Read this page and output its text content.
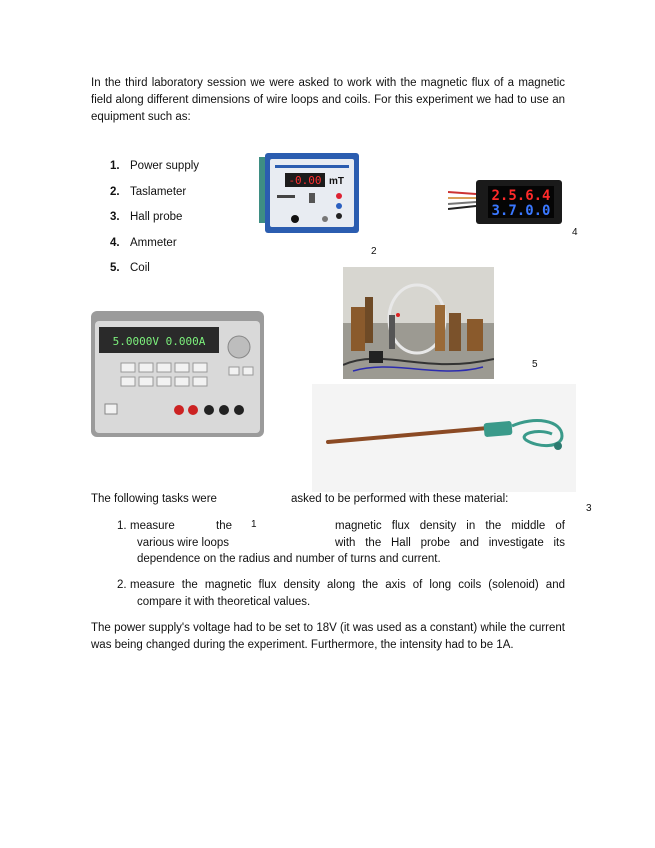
In the third laboratory session we were asked to work with the magnetic flux of a magnetic field along different dimensions of wire loops and coils. For this experiment we had to use an equipment such as:
1. Power supply
2. Taslameter
3. Hall probe
4. Ammeter
5. Coil
-0.00 mT
2.5.6.4
3.7.0.0
4
2
5
5.0000V 0.000A
The following tasks were	asked to be performed with these material:
3
1. measure	the 1	magnetic flux density in the middle of
various wire loops	with the Hall probe and investigate its
dependence on the radius and number of turns and current.
2. measure the magnetic flux density along the axis of long coils (solenoid) and
compare it with theoretical values.
The power supply's voltage had to be set to 18V (it was used as a constant) while the current was being changed during the experiment. Furthermore, the intensity had to be 1A.
